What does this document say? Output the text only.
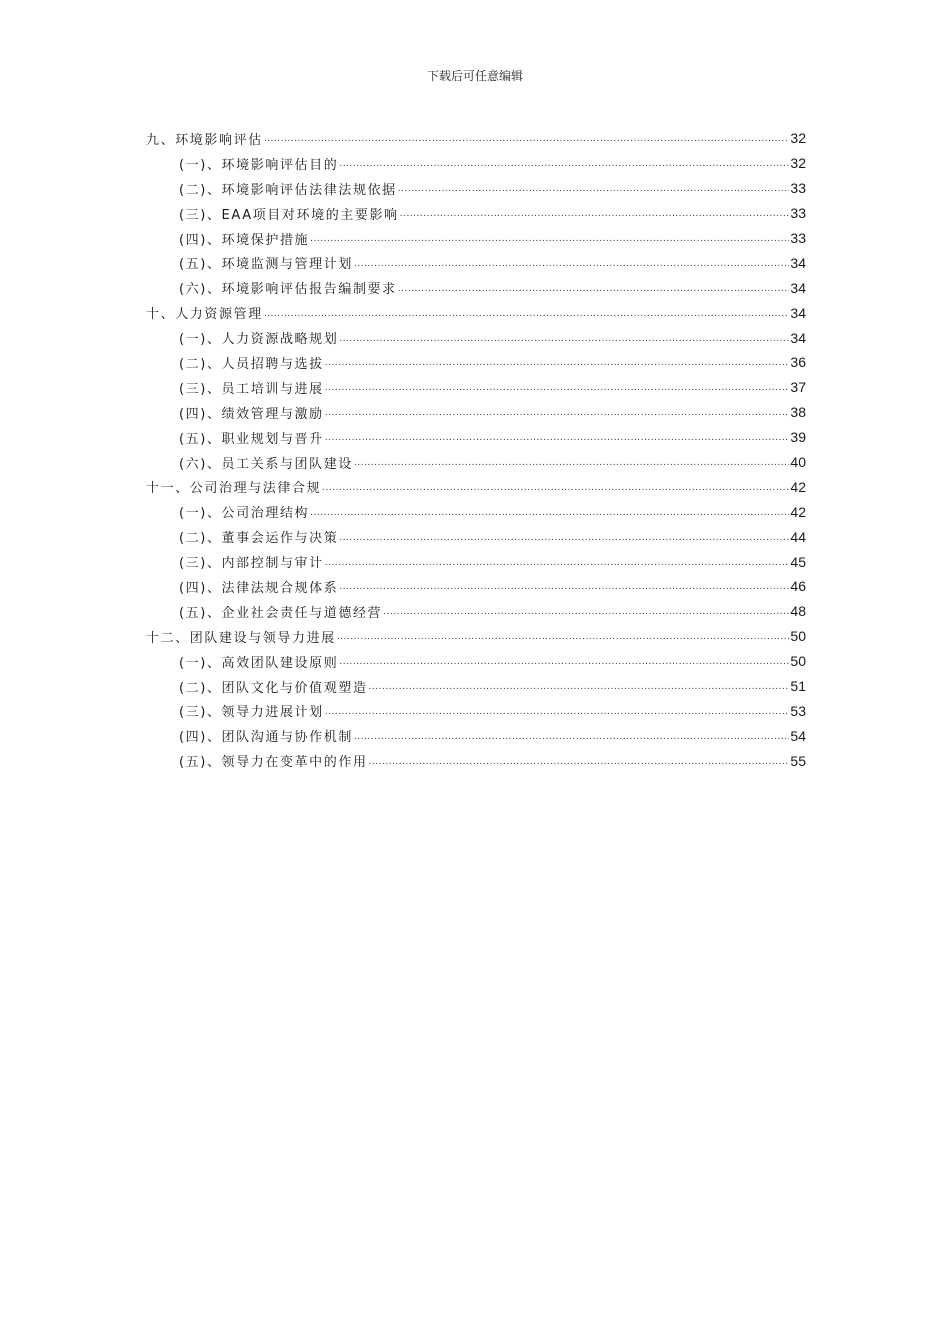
下载后可任意编辑
九、环境影响评估 .....	32
(一)、环境影响评估目的 .....	32
(二)、环境影响评估法律法规依据 .....	33
(三)、EAA项目对环境的主要影响 .....	33
(四)、环境保护措施 .....	33
(五)、环境监测与管理计划 .....	34
(六)、环境影响评估报告编制要求 .....	34
十、人力资源管理 .....	34
(一)、人力资源战略规划 .....	34
(二)、人员招聘与选拔 .....	36
(三)、员工培训与进展 .....	37
(四)、绩效管理与激励 .....	38
(五)、职业规划与晋升 .....	39
(六)、员工关系与团队建设 .....	40
十一、公司治理与法律合规 .....	42
(一)、公司治理结构 .....	42
(二)、董事会运作与决策 .....	44
(三)、内部控制与审计 .....	45
(四)、法律法规合规体系 .....	46
(五)、企业社会责任与道德经营 .....	48
十二、团队建设与领导力进展 .....	50
(一)、高效团队建设原则 .....	50
(二)、团队文化与价值观塑造 .....	51
(三)、领导力进展计划 .....	53
(四)、团队沟通与协作机制 .....	54
(五)、领导力在变革中的作用 .....	55
